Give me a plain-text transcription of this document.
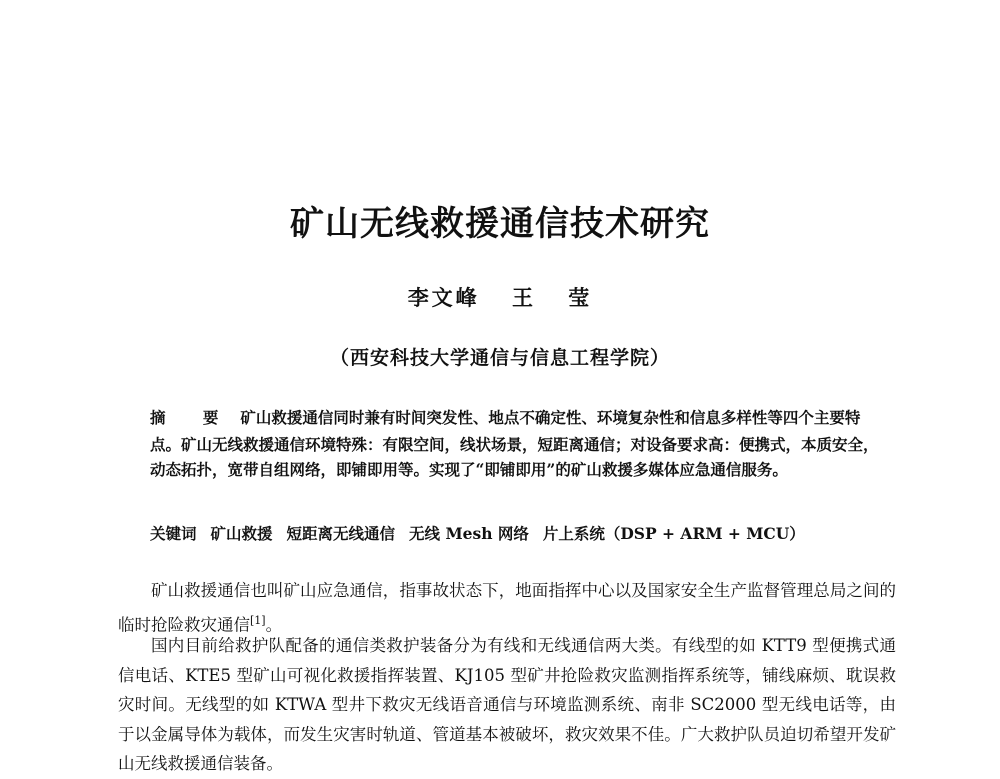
矿山无线救援通信技术研究

李文峰 王 莹

（西安科技大学通信与信息工程学院）

摘 要 矿山救援通信同时兼有时间突发性、地点不确定性、环境复杂性和信息多样性等四个主要特点。矿山无线救援通信环境特殊：有限空间，线状场景，短距离通信；对设备要求高：便携式，本质安全，动态拓扑，宽带自组网络，即铺即用等。实现了“即铺即用”的矿山救援多媒体应急通信服务。

关键词 矿山救援 短距离无线通信 无线 Mesh 网络 片上系统（DSP + ARM + MCU）

矿山救援通信也叫矿山应急通信，指事故状态下，地面指挥中心以及国家安全生产监督管理总局之间的临时抢险救灾通信[1]。

国内目前给救护队配备的通信类救护装备分为有线和无线通信两大类。有线型的如 KTT9 型便携式通信电话、KTE5 型矿山可视化救援指挥装置、KJ105 型矿井抢险救灾监测指挥系统等，铺线麻烦、耽误救灾时间。无线型的如 KTWA 型井下救灾无线语音通信与环境监测系统、南非 SC2000 型无线电话等，由于以金属导体为载体，而发生灾害时轨道、管道基本被破坏，救灾效果不佳。广大救护队员迫切希望开发矿山无线救援通信装备。
